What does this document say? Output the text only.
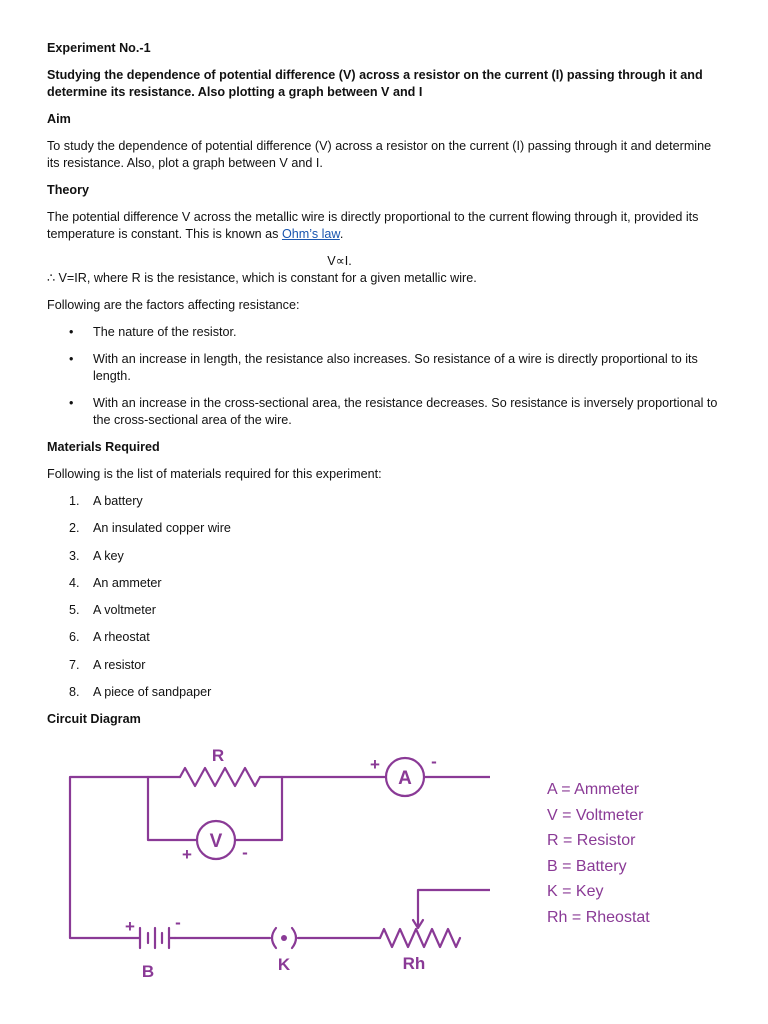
Experiment No.-1

Studying the dependence of potential difference (V) across a resistor on the current (I) passing through it and determine its resistance. Also plotting a graph between V and I

Aim

To study the dependence of potential difference (V) across a resistor on the current (I) passing through it and determine its resistance. Also, plot a graph between V and I.

Theory

The potential difference V across the metallic wire is directly proportional to the current flowing through it, provided its temperature is constant. This is known as Ohm’s law.

V∝I.

∴ V=IR, where R is the resistance, which is constant for a given metallic wire.

Following are the factors affecting resistance:

• The nature of the resistor.
• With an increase in length, the resistance also increases. So resistance of a wire is directly proportional to its length.
• With an increase in the cross-sectional area, the resistance decreases. So resistance is inversely proportional to the cross-sectional area of the wire.

Materials Required

Following is the list of materials required for this experiment:

1. A battery
2. An insulated copper wire
3. A key
4. An ammeter
5. A voltmeter
6. A rheostat
7. A resistor
8. A piece of sandpaper

Circuit Diagram

R
A
V
+	-
+	-
+ -
B	K	Rh
A = Ammeter
V = Voltmeter
R = Resistor
B = Battery
K = Key
Rh = Rheostat
